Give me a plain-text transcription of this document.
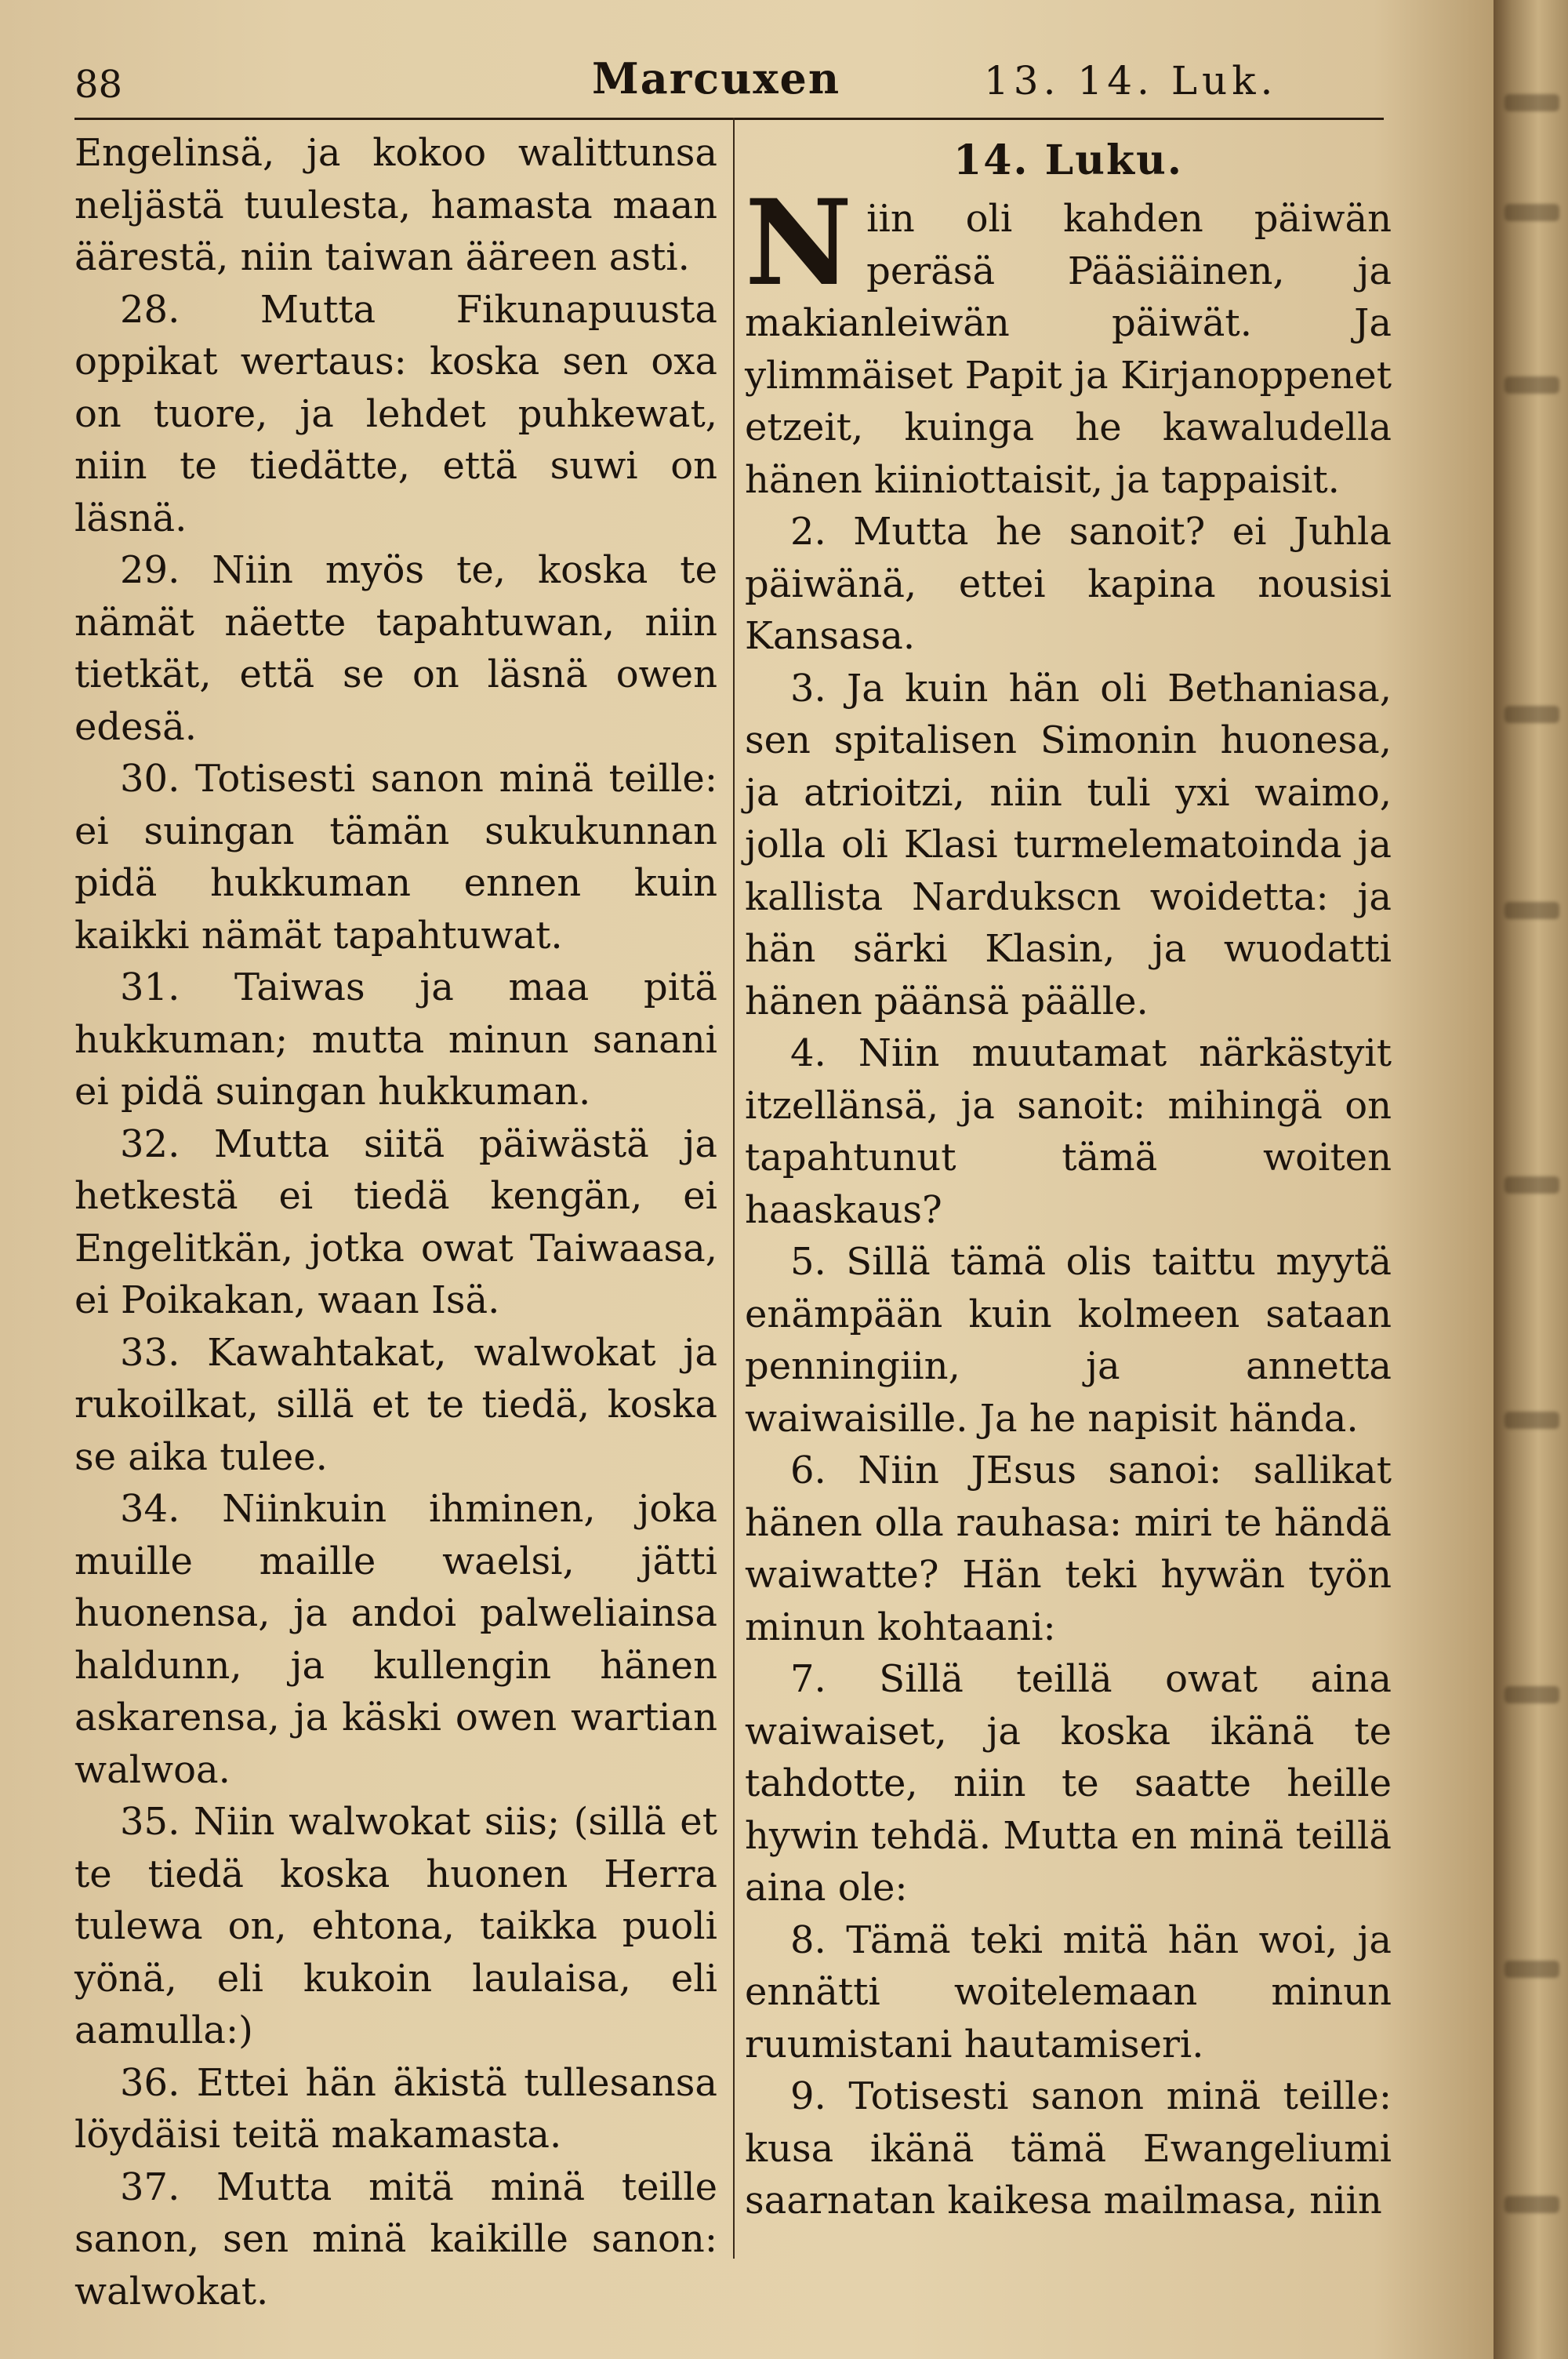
88	Marcuxen	13. 14. Luk.

Engelinsä, ja kokoo walittunsa neljästä tuulesta, hamasta maan äärestä, niin taiwan ääreen asti.

28. Mutta Fikunapuusta oppikat wertaus: koska sen oxa on tuore, ja lehdet puhkewat, niin te tiedätte, että suwi on läsnä.

29. Niin myös te, koska te nämät näette tapahtuwan, niin tietkät, että se on läsnä owen edesä.

30. Totisesti sanon minä teille: ei suingan tämän sukukunnan pidä hukkuman ennen kuin kaikki nämät tapahtuwat.

31. Taiwas ja maa pitä hukkuman; mutta minun sanani ei pidä suingan hukkuman.

32. Mutta siitä päiwästä ja hetkestä ei tiedä kengän, ei Engelitkän, jotka owat Taiwaasa, ei Poikakan, waan Isä.

33. Kawahtakat, walwokat ja rukoilkat, sillä et te tiedä, koska se aika tulee.

34. Niinkuin ihminen, joka muille maille waelsi, jätti huonensa, ja andoi palweliainsa haldunn, ja kullengin hänen askarensa, ja käski owen wartian walwoa.

35. Niin walwokat siis; (sillä et te tiedä koska huonen Herra tulewa on, ehtona, taikka puoli yönä, eli kukoin laulaisa, eli aamulla:)

36. Ettei hän äkistä tullesansa löydäisi teitä makamasta.

37. Mutta mitä minä teille sanon, sen minä kaikille sanon: walwokat.

14. Luku.

N iin oli kahden päiwän peräsä Pääsiäinen, ja makianleiwän päiwät. Ja ylimmäiset Papit ja Kirjanoppenet etzeit, kuinga he kawaludella hänen kiiniottaisit, ja tappaisit.

2. Mutta he sanoit? ei Juhla päiwänä, ettei kapina nousisi Kansasa.

3. Ja kuin hän oli Bethaniasa, sen spitalisen Simonin huonesa, ja atrioitzi, niin tuli yxi waimo, jolla oli Klasi turmelematoinda ja kallista Nardukscn woidetta: ja hän särki Klasin, ja wuodatti hänen päänsä päälle.

4. Niin muutamat närkästyit itzellänsä, ja sanoit: mihingä on tapahtunut tämä woiten haaskaus?

5. Sillä tämä olis taittu myytä enämpään kuin kolmeen sataan penningiin, ja annetta waiwaisille. Ja he napisit hända.

6. Niin JEsus sanoi: sallikat hänen olla rauhasa: miri te händä waiwatte? Hän teki hywän työn minun kohtaani:

7. Sillä teillä owat aina waiwaiset, ja koska ikänä te tahdotte, niin te saatte heille hywin tehdä. Mutta en minä teillä aina ole:

8. Tämä teki mitä hän woi, ja ennätti woitelemaan minun ruumistani hautamiseri.

9. Totisesti sanon minä teille: kusa ikänä tämä Ewangeliumi saarnatan kaikesa mailmasa, niin
